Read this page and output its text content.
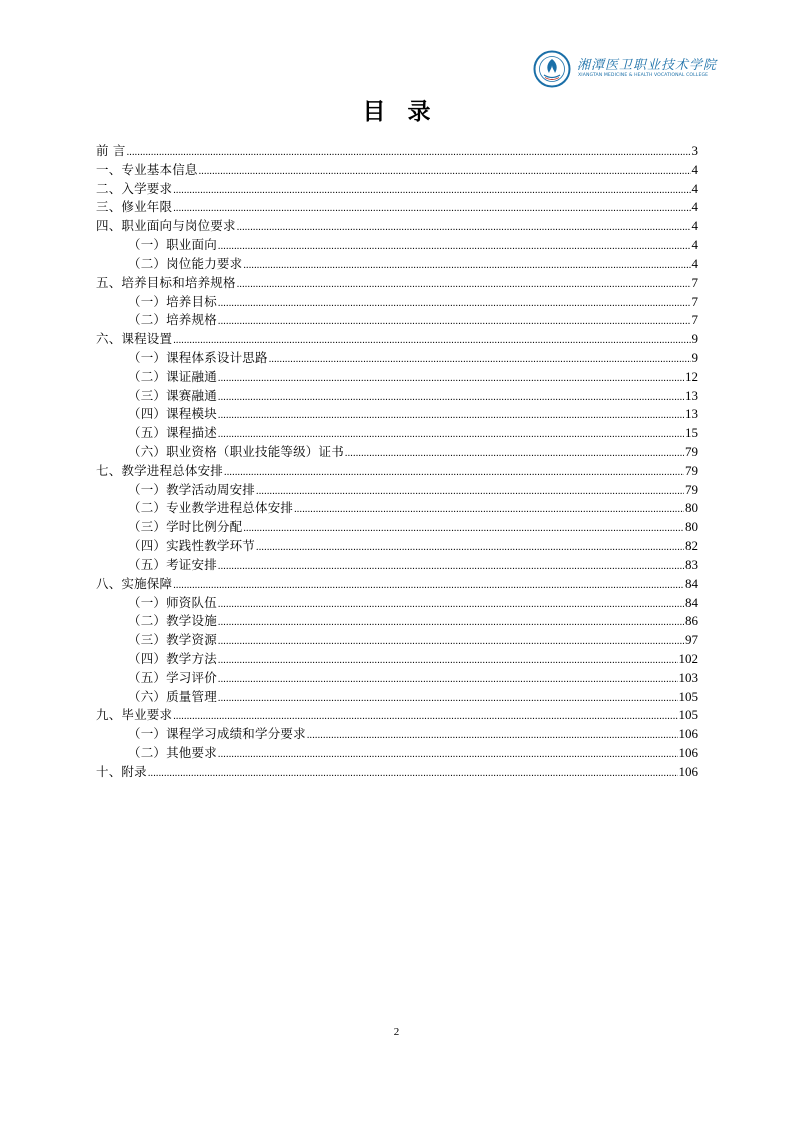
湘潭医卫职业技术学院
XIANGTAN MEDICINE & HEALTH VOCATIONAL COLLEGE
目录
前 言 .....	3
一、专业基本信息 .....	4
二、入学要求 .....	4
三、修业年限 .....	4
四、职业面向与岗位要求 .....	4
（一）职业面向 .....	4
（二）岗位能力要求 .....	4
五、培养目标和培养规格 .....	7
（一）培养目标 .....	7
（二）培养规格 .....	7
六、课程设置 .....	9
（一）课程体系设计思路 .....	9
（二）课证融通 .....	12
（三）课赛融通 .....	13
（四）课程模块 .....	13
（五）课程描述 .....	15
（六）职业资格（职业技能等级）证书 .....	79
七、教学进程总体安排 .....	79
（一）教学活动周安排 .....	79
（二）专业教学进程总体安排 .....	80
（三）学时比例分配 .....	80
（四）实践性教学环节 .....	82
（五）考证安排 .....	83
八、实施保障 .....	84
（一）师资队伍 .....	84
（二）教学设施 .....	86
（三）教学资源 .....	97
（四）教学方法 .....	102
（五）学习评价 .....	103
（六）质量管理 .....	105
九、毕业要求 .....	105
（一）课程学习成绩和学分要求 .....	106
（二）其他要求 .....	106
十、附录 .....	106
2
